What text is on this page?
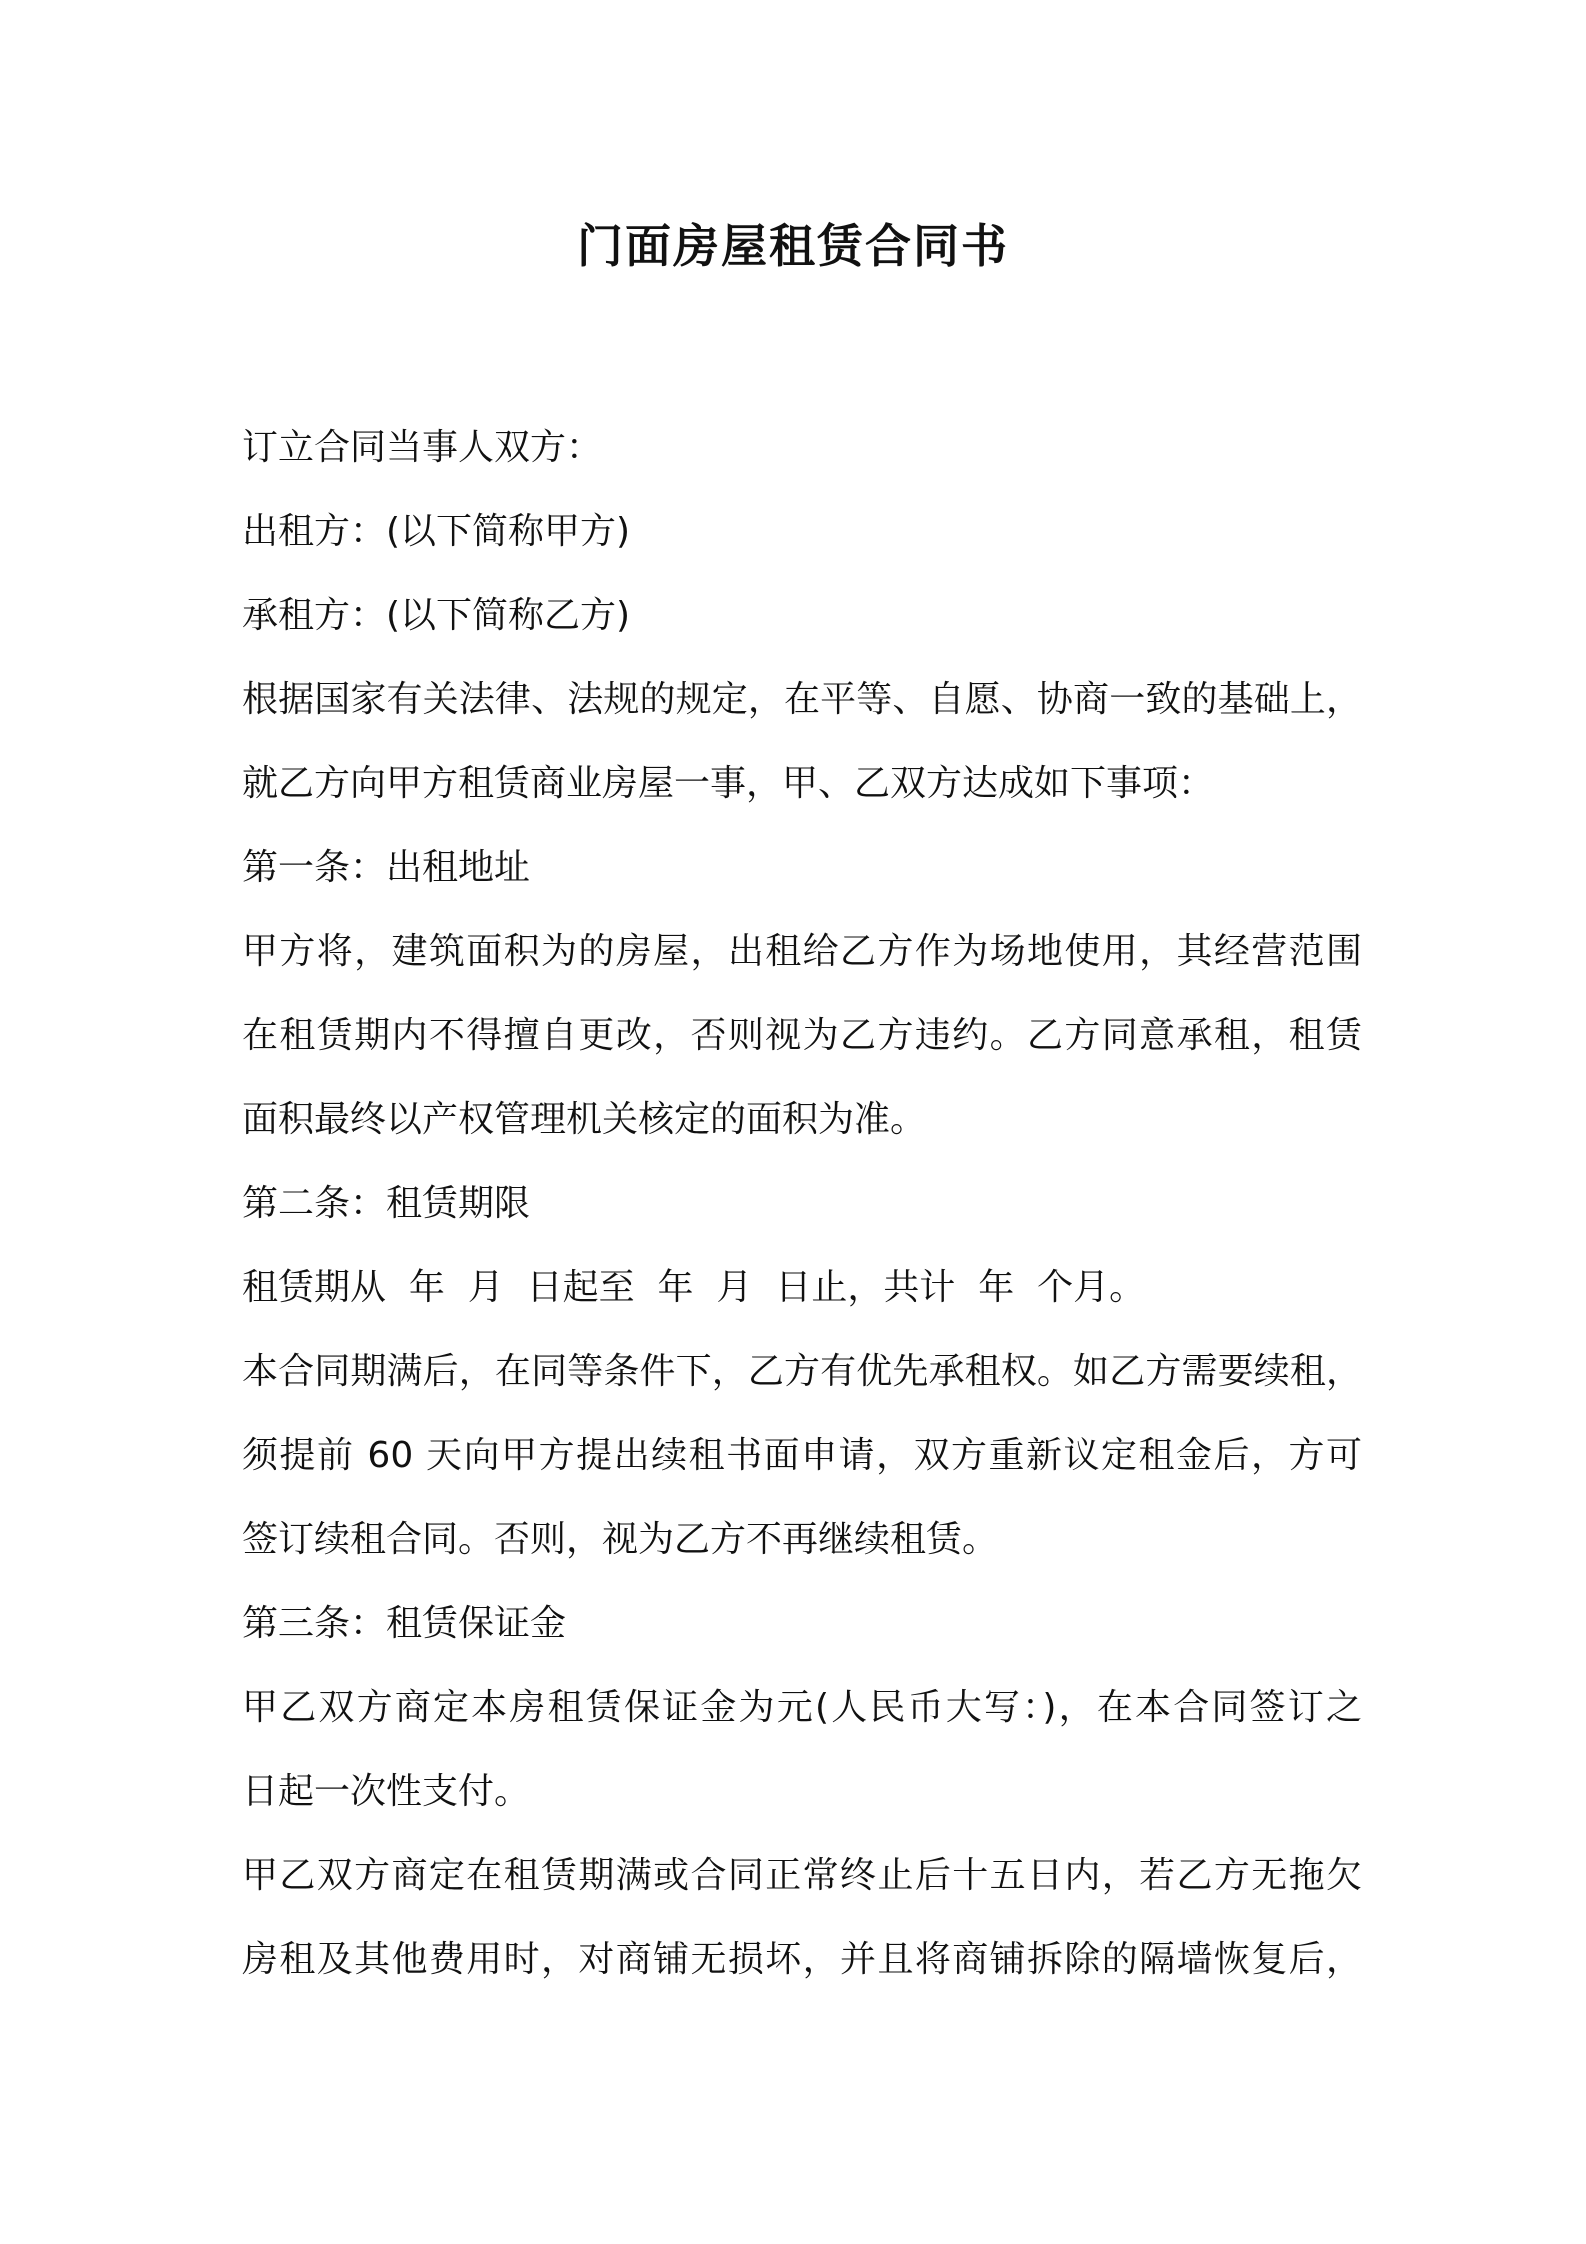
门面房屋租赁合同书
订立合同当事人双方：
出租方：(以下简称甲方)
承租方：(以下简称乙方)
根据国家有关法律、法规的规定，在平等、自愿、协商一致的基础上，
就乙方向甲方租赁商业房屋一事，甲、乙双方达成如下事项：
第一条：出租地址
甲方将，建筑面积为的房屋，出租给乙方作为场地使用，其经营范围
在租赁期内不得擅自更改，否则视为乙方违约。乙方同意承租，租赁
面积最终以产权管理机关核定的面积为准。
第二条：租赁期限
租赁期从  年  月  日起至  年  月  日止，共计  年  个月。
本合同期满后，在同等条件下，乙方有优先承租权。如乙方需要续租，
须提前 60 天向甲方提出续租书面申请，双方重新议定租金后，方可
签订续租合同。否则，视为乙方不再继续租赁。
第三条：租赁保证金
甲乙双方商定本房租赁保证金为元(人民币大写：)，在本合同签订之
日起一次性支付。
甲乙双方商定在租赁期满或合同正常终止后十五日内，若乙方无拖欠
房租及其他费用时，对商铺无损坏，并且将商铺拆除的隔墙恢复后，
